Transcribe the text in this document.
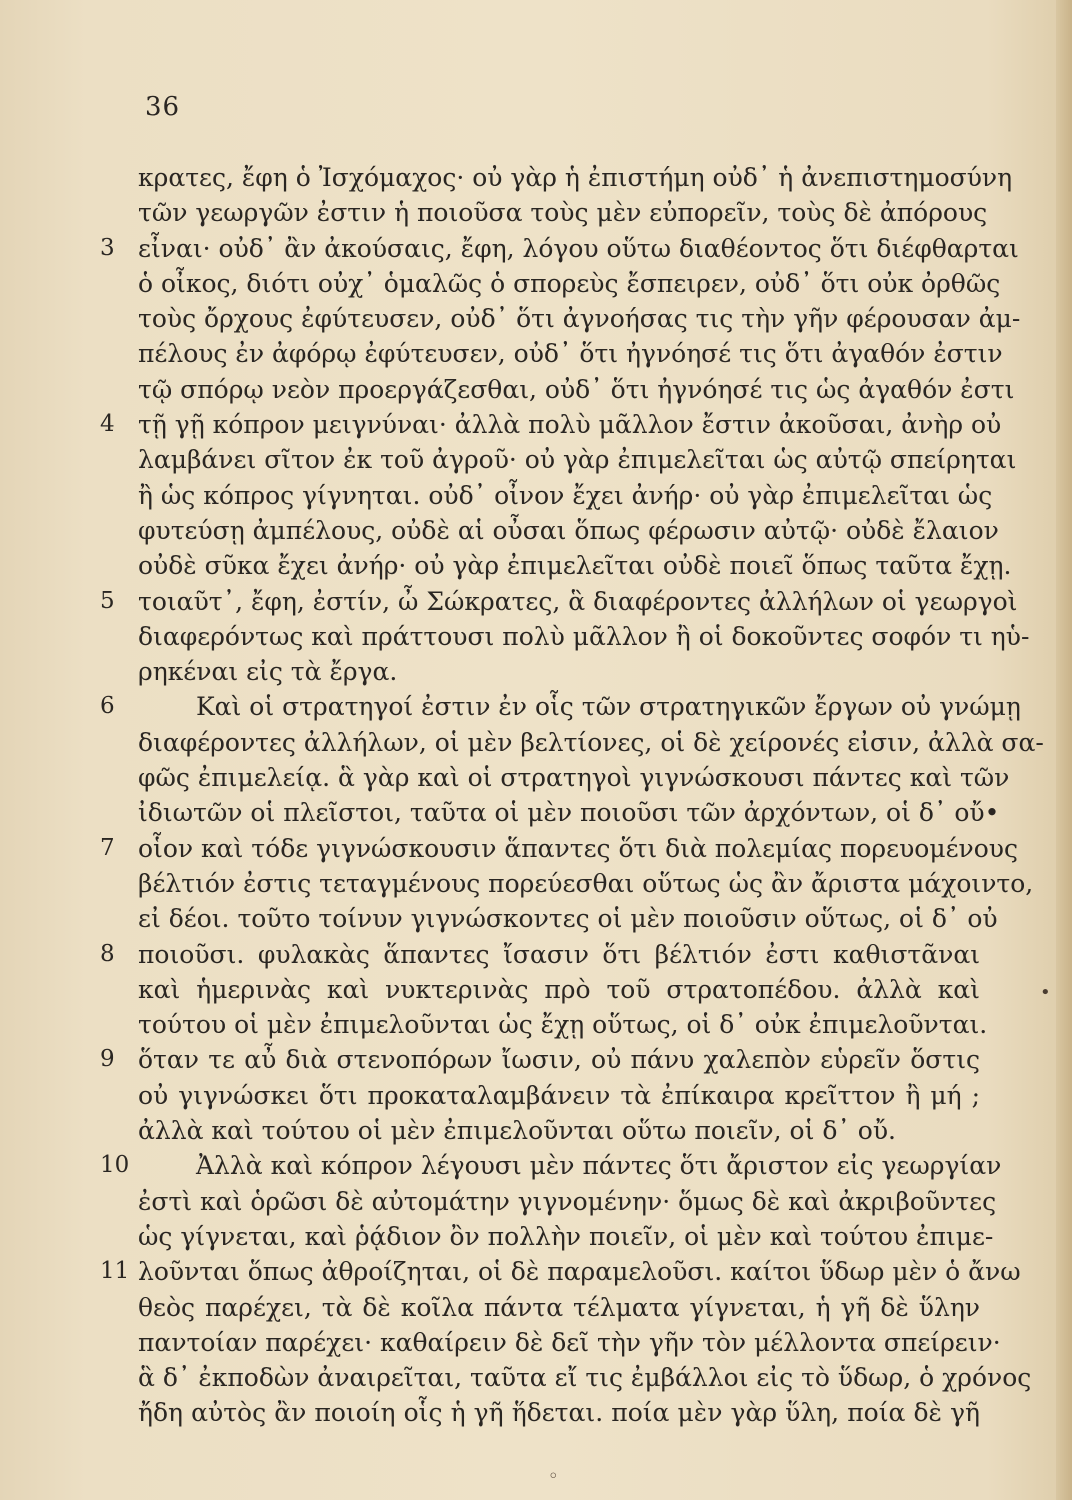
36
κρατες, ἔφη ὁ Ἰσχόμαχος· οὐ γὰρ ἡ ἐπιστήμη οὐδ᾽ ἡ ἀνεπιστημοσύνη
τῶν γεωργῶν ἐστιν ἡ ποιοῦσα τοὺς μὲν εὐπορεῖν, τοὺς δὲ ἀπόρους
3 εἶναι· οὐδ᾽ ἂν ἀκούσαις, ἔφη, λόγου οὕτω διαθέοντος ὅτι διέφθαρται
ὁ οἶκος, διότι οὐχ᾽ ὁμαλῶς ὁ σπορεὺς ἔσπειρεν, οὐδ᾽ ὅτι οὐκ ὀρθῶς
τοὺς ὄρχους ἐφύτευσεν, οὐδ᾽ ὅτι ἀγνοήσας τις τὴν γῆν φέρουσαν ἀμ-
πέλους ἐν ἀφόρῳ ἐφύτευσεν, οὐδ᾽ ὅτι ἠγνόησέ τις ὅτι ἀγαθόν ἐστιν
τῷ σπόρῳ νεὸν προεργάζεσθαι, οὐδ᾽ ὅτι ἠγνόησέ τις ὡς ἀγαθόν ἐστι
4 τῇ γῇ κόπρον μειγνύναι· ἀλλὰ πολὺ μᾶλλον ἔστιν ἀκοῦσαι, ἀνὴρ οὐ
λαμβάνει σῖτον ἐκ τοῦ ἀγροῦ· οὐ γὰρ ἐπιμελεῖται ὡς αὐτῷ σπείρηται
ἢ ὡς κόπρος γίγνηται. οὐδ᾽ οἶνον ἔχει ἀνήρ· οὐ γὰρ ἐπιμελεῖται ὡς
φυτεύσῃ ἀμπέλους, οὐδὲ αἱ οὖσαι ὅπως φέρωσιν αὐτῷ· οὐδὲ ἔλαιον
οὐδὲ σῦκα ἔχει ἀνήρ· οὐ γὰρ ἐπιμελεῖται οὐδὲ ποιεῖ ὅπως ταῦτα ἔχῃ.
5 τοιαῦτ᾽, ἔφη, ἐστίν, ὦ Σώκρατες, ἃ διαφέροντες ἀλλήλων οἱ γεωργοὶ
διαφερόντως καὶ πράττουσι πολὺ μᾶλλον ἢ οἱ δοκοῦντες σοφόν τι ηὑ-
ρηκέναι εἰς τὰ ἔργα.
6	Καὶ οἱ στρατηγοί ἐστιν ἐν οἷς τῶν στρατηγικῶν ἔργων οὐ γνώμῃ
διαφέροντες ἀλλήλων, οἱ μὲν βελτίονες, οἱ δὲ χείρονές εἰσιν, ἀλλὰ σα-
φῶς ἐπιμελείᾳ. ἃ γὰρ καὶ οἱ στρατηγοὶ γιγνώσκουσι πάντες καὶ τῶν
ἰδιωτῶν οἱ πλεῖστοι, ταῦτα οἱ μὲν ποιοῦσι τῶν ἀρχόντων, οἱ δ᾽ οὔ•
7 οἷον καὶ τόδε γιγνώσκουσιν ἅπαντες ὅτι διὰ πολεμίας πορευομένους
βέλτιόν ἐστις τεταγμένους πορεύεσθαι οὕτως ὡς ἂν ἄριστα μάχοιντο,
εἰ δέοι. τοῦτο τοίνυν γιγνώσκοντες οἱ μὲν ποιοῦσιν οὕτως, οἱ δ᾽ οὐ
8 ποιοῦσι. φυλακὰς ἅπαντες ἴσασιν ὅτι βέλτιόν ἐστι καθιστᾶναι
καὶ ἡμερινὰς καὶ νυκτερινὰς πρὸ τοῦ στρατοπέδου. ἀλλὰ καὶ
τούτου οἱ μὲν ἐπιμελοῦνται ὡς ἔχῃ οὕτως, οἱ δ᾽ οὐκ ἐπιμελοῦνται.
9 ὅταν τε αὖ διὰ στενοπόρων ἴωσιν, οὐ πάνυ χαλεπὸν εὑρεῖν ὅστις
οὐ γιγνώσκει ὅτι προκαταλαμβάνειν τὰ ἐπίκαιρα κρεῖττον ἢ μή ;
ἀλλὰ καὶ τούτου οἱ μὲν ἐπιμελοῦνται οὕτω ποιεῖν, οἱ δ᾽ οὔ.
10	Ἀλλὰ καὶ κόπρον λέγουσι μὲν πάντες ὅτι ἄριστον εἰς γεωργίαν
ἐστὶ καὶ ὁρῶσι δὲ αὐτομάτην γιγνομένην· ὅμως δὲ καὶ ἀκριβοῦντες
ὡς γίγνεται, καὶ ῥᾴδιον ὂν πολλὴν ποιεῖν, οἱ μὲν καὶ τούτου ἐπιμε-
11 λοῦνται ὅπως ἀθροίζηται, οἱ δὲ παραμελοῦσι. καίτοι ὕδωρ μὲν ὁ ἄνω
θεὸς παρέχει, τὰ δὲ κοῖλα πάντα τέλματα γίγνεται, ἡ γῆ δὲ ὕλην
παντοίαν παρέχει· καθαίρειν δὲ δεῖ τὴν γῆν τὸν μέλλοντα σπείρειν·
ἃ δ᾽ ἐκποδὼν ἀναιρεῖται, ταῦτα εἴ τις ἐμβάλλοι εἰς τὸ ὕδωρ, ὁ χρόνος
ἤδη αὐτὸς ἂν ποιοίη οἷς ἡ γῆ ἥδεται. ποία μὲν γὰρ ὕλη, ποία δὲ γῆ
•
◦
